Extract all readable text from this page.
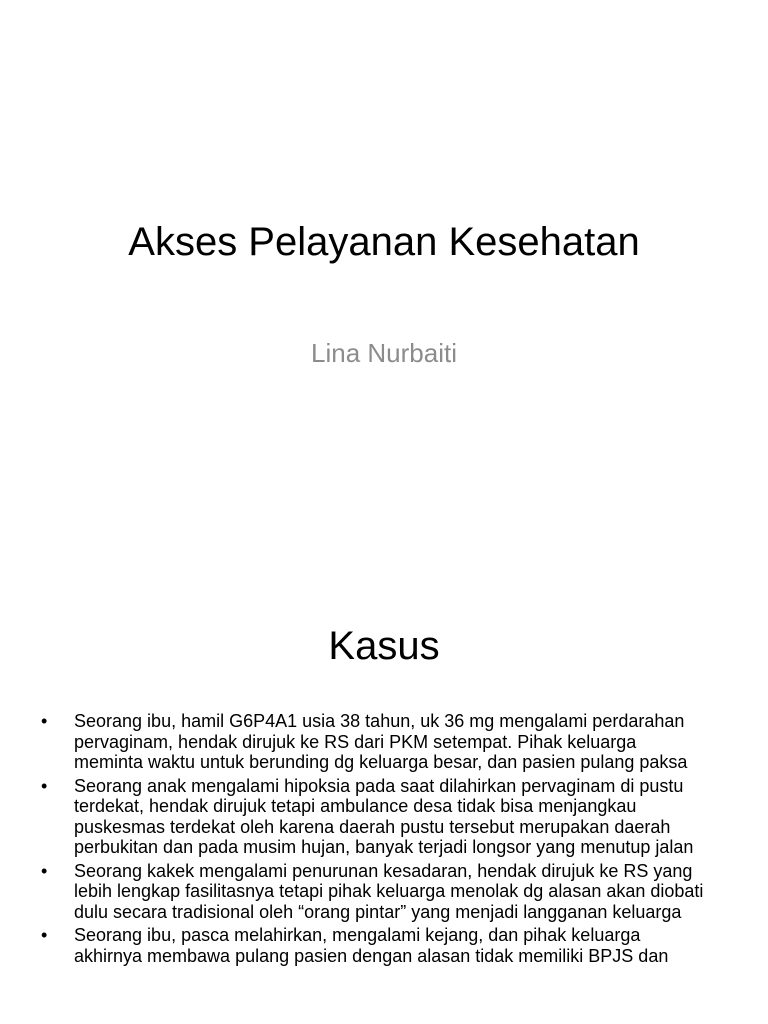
Akses Pelayanan Kesehatan
Lina Nurbaiti
Kasus
• Seorang ibu, hamil G6P4A1 usia 38 tahun, uk 36 mg mengalami perdarahan pervaginam, hendak dirujuk ke RS dari PKM setempat. Pihak keluarga meminta waktu untuk berunding dg keluarga besar, dan pasien pulang paksa
• Seorang anak mengalami hipoksia pada saat dilahirkan pervaginam di pustu terdekat, hendak dirujuk tetapi ambulance desa tidak bisa menjangkau puskesmas terdekat oleh karena daerah pustu tersebut merupakan daerah perbukitan dan pada musim hujan, banyak terjadi longsor yang menutup jalan
• Seorang kakek mengalami penurunan kesadaran, hendak dirujuk ke RS yang lebih lengkap fasilitasnya tetapi pihak keluarga menolak dg alasan akan diobati dulu secara tradisional oleh “orang pintar” yang menjadi langganan keluarga
• Seorang ibu, pasca melahirkan, mengalami kejang, dan pihak keluarga akhirnya membawa pulang pasien dengan alasan tidak memiliki BPJS dan
